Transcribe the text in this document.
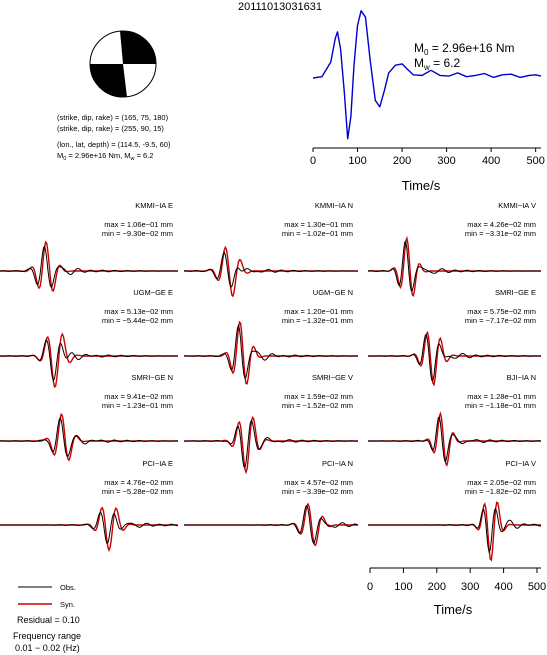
20111013031631
(strike, dip, rake) = (165, 75, 180)
(strike, dip, rake) = (255, 90, 15)
(lon., lat, depth) = (114.5, -9.5, 60)
$M_0 = 2.96e+16$ Nm, $M_w = 6.2$	0	100 200 300 400 500
Time/s
$M_0 = 2.96e+16$ Nm
$M_w = 6.2$
KMMI−IA E
max = 1.06e−01 mm
min = −9.30e−02 mm
KMMI−IA N
max = 1.30e−01 mm
min = −1.02e−01 mm
KMMI−IA V
max = 4.26e−02 mm
min = −3.31e−02 mm
UGM−GE E
max = 5.13e−02 mm
min = −5.44e−02 mm
UGM−GE N
max = 1.20e−01 mm
min = −1.32e−01 mm
SMRI−GE E
max = 5.75e−02 mm
min = −7.17e−02 mm
SMRI−GE N
max = 9.41e−02 mm
min = −1.23e−01 mm
SMRI−GE V
max = 1.59e−02 mm
min = −1.52e−02 mm
BJI−IA N
max = 1.28e−01 mm
min = −1.18e−01 mm
PCI−IA E
max = 4.76e−02 mm
min = −5.28e−02 mm
PCI−IA N
max = 4.57e−02 mm
min = −3.39e−02 mm
PCI−IA V
max = 2.05e−02 mm
min = −1.82e−02 mm
0 100 200 300 400 500
Time/s
Obs.
Syn.
Residual = 0.10
Frequency range
0.01 − 0.02 (Hz)
